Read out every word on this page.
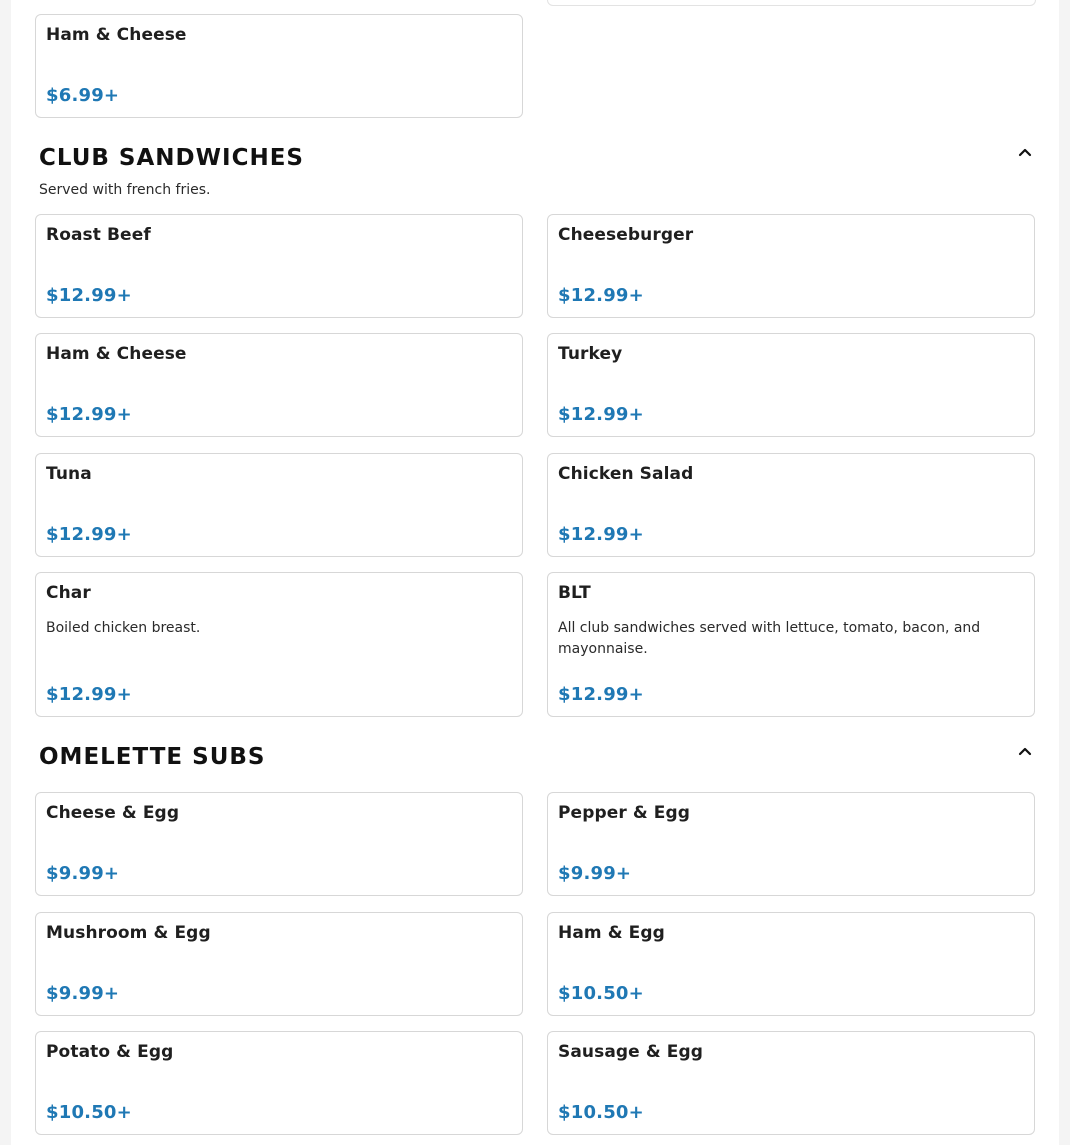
Ham & Cheese
$6.99+
CLUB SANDWICHES
Served with french fries.
Roast Beef
$12.99+
Cheeseburger
$12.99+
Ham & Cheese
$12.99+
Turkey
$12.99+
Tuna
$12.99+
Chicken Salad
$12.99+
Char
Boiled chicken breast.
$12.99+
BLT
All club sandwiches served with lettuce, tomato, bacon, and mayonnaise.
$12.99+
OMELETTE SUBS
Cheese & Egg
$9.99+
Pepper & Egg
$9.99+
Mushroom & Egg
$9.99+
Ham & Egg
$10.50+
Potato & Egg
$10.50+
Sausage & Egg
$10.50+
